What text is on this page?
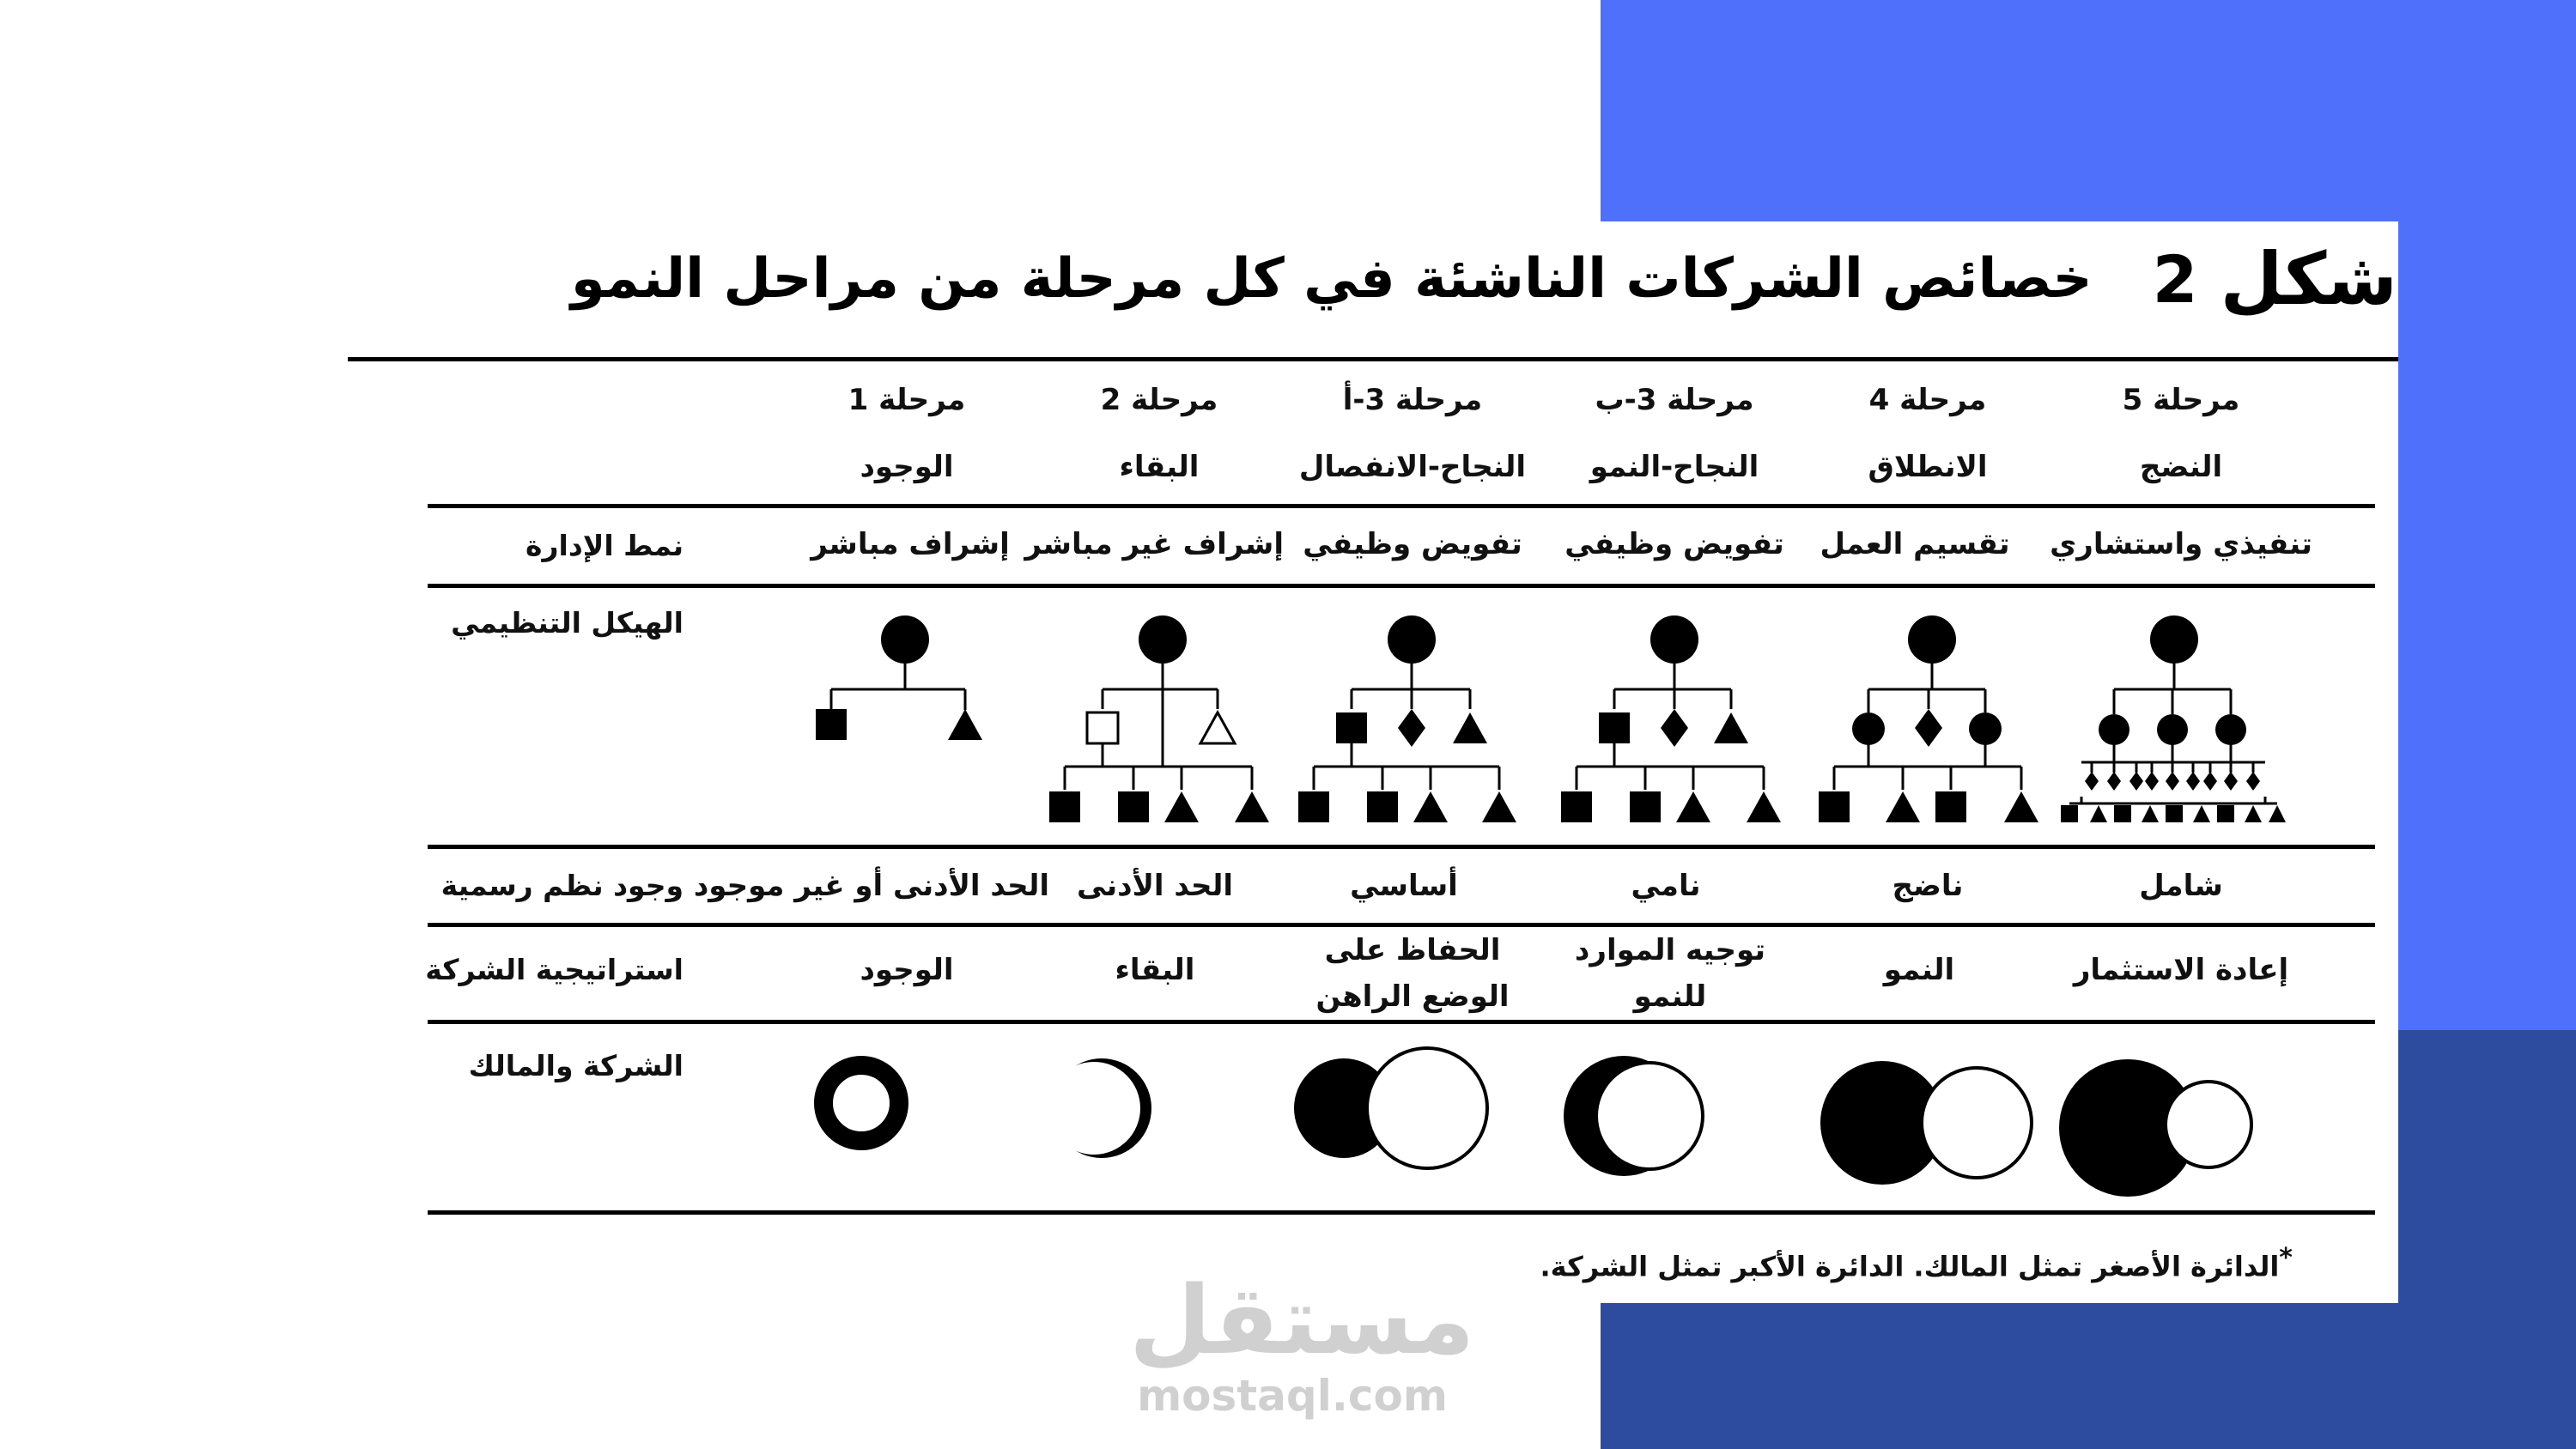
شكل
2
خصائص الشركات الناشئة في كل مرحلة من مراحل النمو
مرحلة 5
النضج
مرحلة 4
الانطلاق
مرحلة 3-ب
النجاح-النمو
مرحلة 3-أ
النجاح-الانفصال
مرحلة 2
البقاء
مرحلة 1
الوجود
نمط الإدارة
الهيكل التنظيمي
وجود نظم رسمية
استراتيجية الشركة
الشركة والمالك
تنفيذي واستشاري
تقسيم العمل
تفويض وظيفي
تفويض وظيفي
إشراف غير مباشر
إشراف مباشر
شامل
ناضج
نامي
أساسي
الحد الأدنى
الحد الأدنى أو غير موجود
إعادة الاستثمار
النمو
توجيه الموارد للنمو
الحفاظ على الوضع الراهن
البقاء
الوجود
*الدائرة الأصغر تمثل المالك. الدائرة الأكبر تمثل الشركة.
مستقل
mostaql.com
